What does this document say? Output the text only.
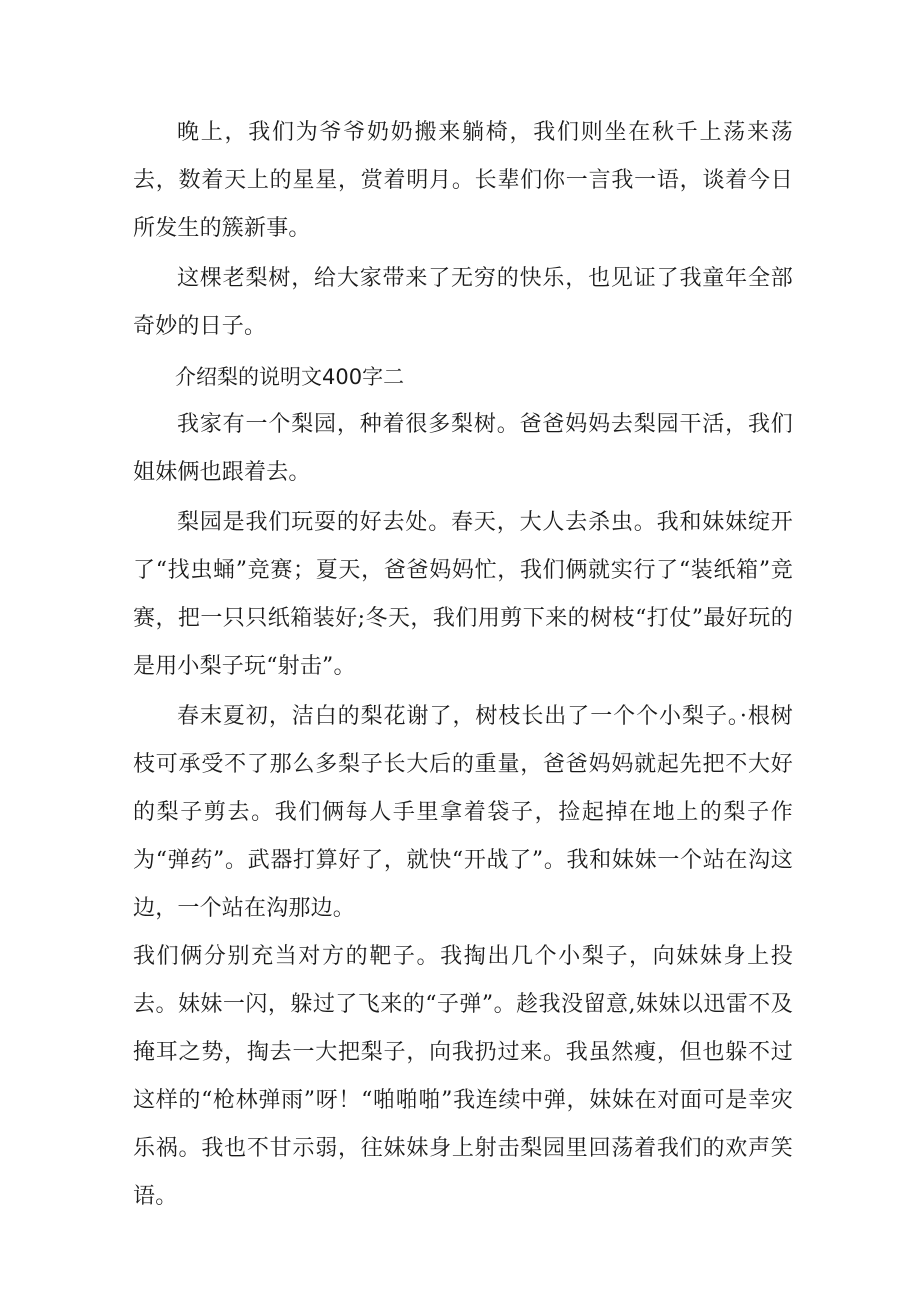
晚上，我们为爷爷奶奶搬来躺椅，我们则坐在秋千上荡来荡去，数着天上的星星，赏着明月。长辈们你一言我一语，谈着今日所发生的簇新事。

这棵老梨树，给大家带来了无穷的快乐，也见证了我童年全部奇妙的日子。

介绍梨的说明文400字二

我家有一个梨园，种着很多梨树。爸爸妈妈去梨园干活，我们姐妹俩也跟着去。

梨园是我们玩耍的好去处。春天，大人去杀虫。我和妹妹绽开了“找虫蛹”竞赛；夏天，爸爸妈妈忙，我们俩就实行了“装纸箱”竞赛，把一只只纸箱装好;冬天，我们用剪下来的树枝“打仗”最好玩的是用小梨子玩“射击”。

春末夏初，洁白的梨花谢了，树枝长出了一个个小梨子。·根树枝可承受不了那么多梨子长大后的重量，爸爸妈妈就起先把不大好的梨子剪去。我们俩每人手里拿着袋子，捡起掉在地上的梨子作为“弹药”。武器打算好了，就快“开战了”。我和妹妹一个站在沟这边，一个站在沟那边。

我们俩分别充当对方的靶子。我掏出几个小梨子，向妹妹身上投去。妹妹一闪，躲过了飞来的“子弹”。趁我没留意,妹妹以迅雷不及掩耳之势，掏去一大把梨子，向我扔过来。我虽然瘦，但也躲不过这样的“枪林弹雨”呀！“啪啪啪”我连续中弹，妹妹在对面可是幸灾乐祸。我也不甘示弱，往妹妹身上射击梨园里回荡着我们的欢声笑语。
